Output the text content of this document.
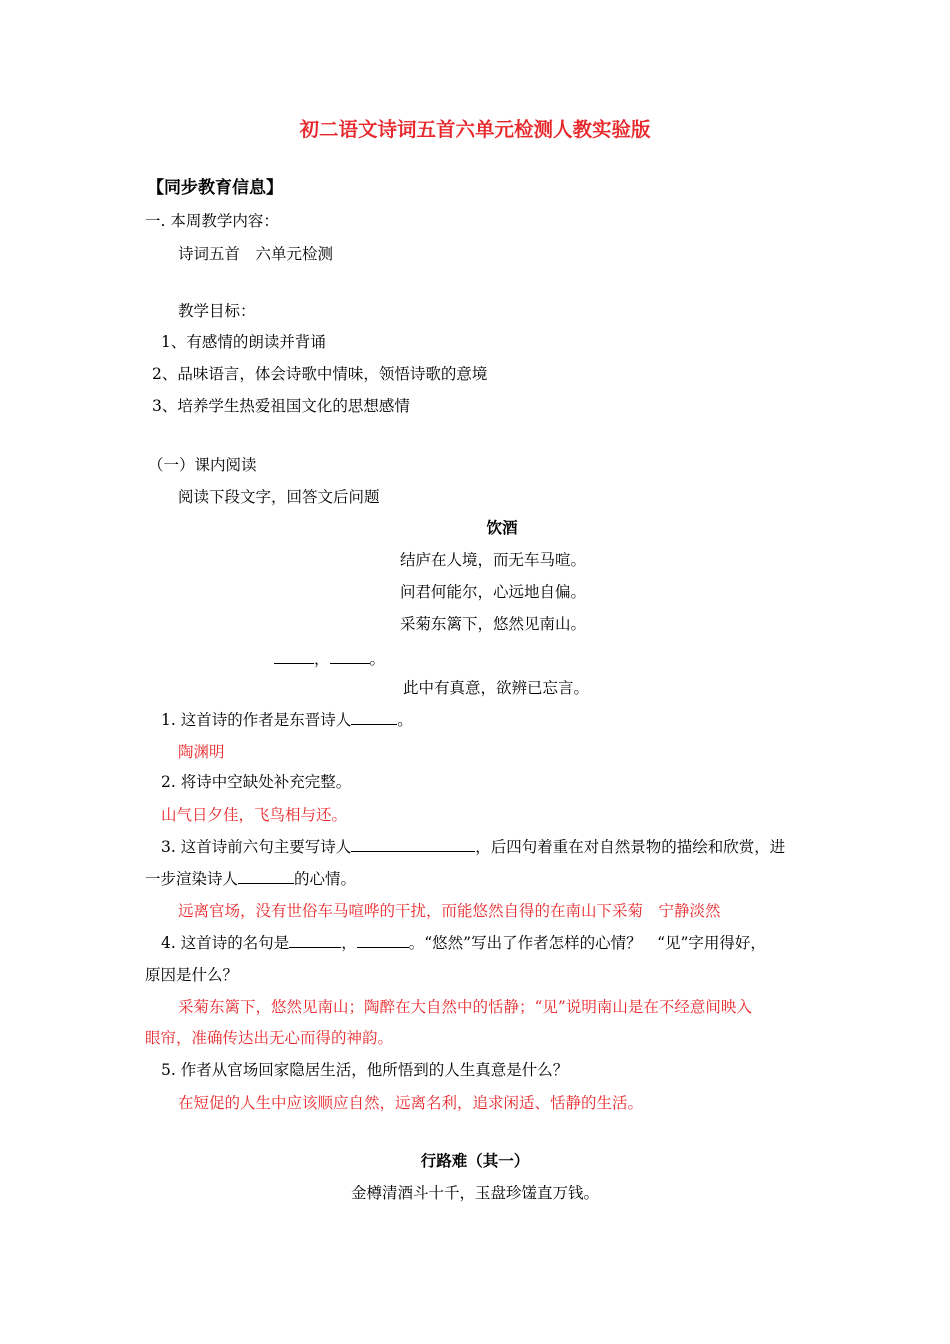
初二语文诗词五首六单元检测人教实验版
【同步教育信息】
一. 本周教学内容：
诗词五首　六单元检测
教学目标：
1、有感情的朗读并背诵
2、品味语言，体会诗歌中情味，领悟诗歌的意境
3、培养学生热爱祖国文化的思想感情
（一）课内阅读
阅读下段文字，回答文后问题
饮酒
结庐在人境，而无车马喧。
问君何能尔，心远地自偏。
采菊东篱下，悠然见南山。
，	。
此中有真意，欲辨已忘言。
1. 这首诗的作者是东晋诗人	。
陶渊明
2. 将诗中空缺处补充完整。
山气日夕佳，飞鸟相与还。
3. 这首诗前六句主要写诗人	，后四句着重在对自然景物的描绘和欣赏，进
一步渲染诗人	的心情。
远离官场，没有世俗车马喧哗的干扰，而能悠然自得的在南山下采菊　宁静淡然
4. 这首诗的名句是	，	。“悠然”写出了作者怎样的心情？　“见”字用得好，
原因是什么？
采菊东篱下，悠然见南山；陶醉在大自然中的恬静；“见”说明南山是在不经意间映入
眼帘，准确传达出无心而得的神韵。
5. 作者从官场回家隐居生活，他所悟到的人生真意是什么？
在短促的人生中应该顺应自然，远离名利，追求闲适、恬静的生活。
行路难（其一）
金樽清酒斗十千，玉盘珍馐直万钱。
